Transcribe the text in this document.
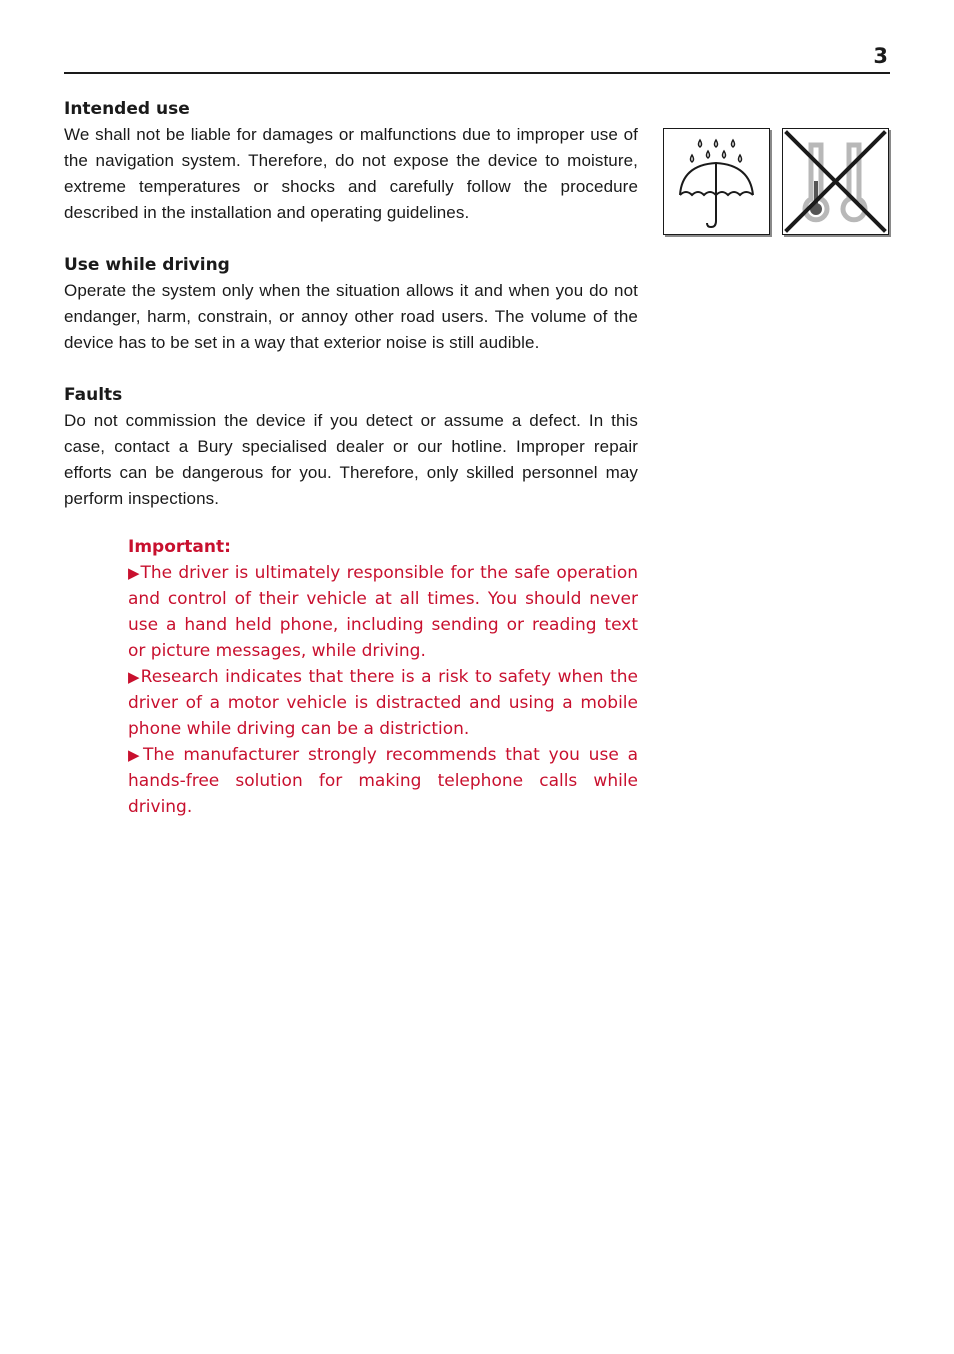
3

Intended use

We shall not be liable for damages or malfunctions due to improper use of the navigation system. Therefore, do not expose the device to moisture, extreme temperatures or shocks and carefully follow the procedure described in the installation and operating guidelines.

Use while driving

Operate the system only when the situation allows it and when you do not endanger, harm, constrain, or annoy other road users. The volume of the device has to be set in a way that exterior noise is still audible.

Faults

Do not commission the device if you detect or assume a defect. In this case, contact a Bury specialised dealer or our hotline. Improper repair efforts can be dangerous for you. Therefore, only skilled personnel may perform inspections.

Important:

▶The driver is ultimately responsible for the safe operation and control of their vehicle at all times. You should never use a hand held phone, including sending or reading text or picture messages, while driving.

▶Research indicates that there is a risk to safety when the driver of a motor vehicle is distracted and using a mobile phone while driving can be a distriction.

▶The manufacturer strongly recommends that you use a hands-free solution for making telephone calls while driving.
